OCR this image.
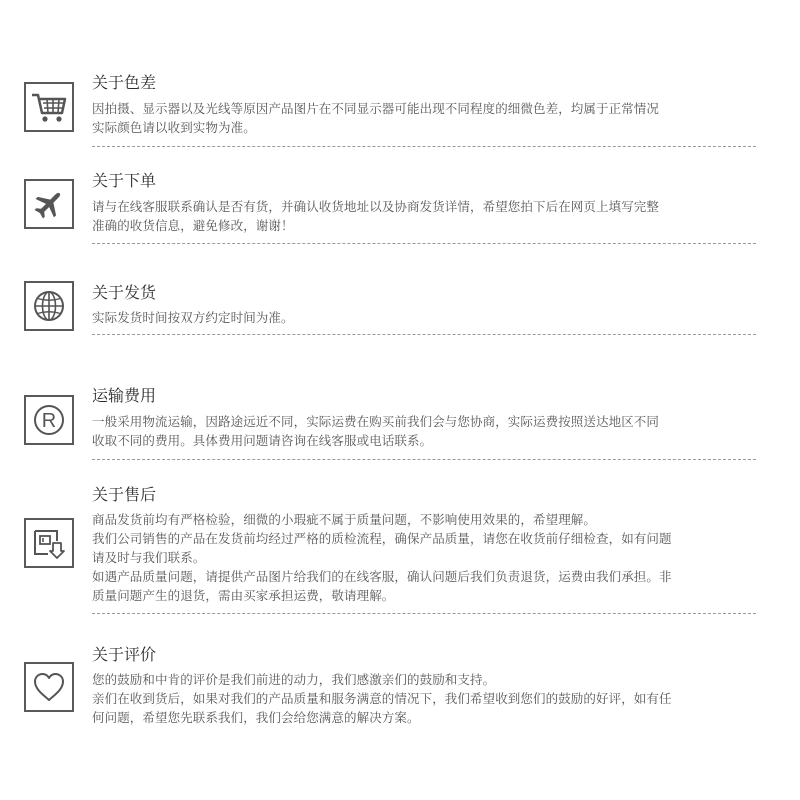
关于色差
因拍摄、显示器以及光线等原因产品图片在不同显示器可能出现不同程度的细微色差，均属于正常情况
实际颜色请以收到实物为准。
关于下单
请与在线客服联系确认是否有货，并确认收货地址以及协商发货详情，希望您拍下后在网页上填写完整
准确的收货信息，避免修改，谢谢！
关于发货
实际发货时间按双方约定时间为准。
R
运输费用
一般采用物流运输，因路途远近不同，实际运费在购买前我们会与您协商，实际运费按照送达地区不同
收取不同的费用。具体费用问题请咨询在线客服或电话联系。
关于售后
商品发货前均有严格检验，细微的小瑕疵不属于质量问题，不影响使用效果的，希望理解。
我们公司销售的产品在发货前均经过严格的质检流程，确保产品质量，请您在收货前仔细检查，如有问题
请及时与我们联系。
如遇产品质量问题，请提供产品图片给我们的在线客服，确认问题后我们负责退货，运费由我们承担。非
质量问题产生的退货，需由买家承担运费，敬请理解。
关于评价
您的鼓励和中肯的评价是我们前进的动力，我们感激亲们的鼓励和支持。
亲们在收到货后，如果对我们的产品质量和服务满意的情况下，我们希望收到您们的鼓励的好评，如有任
何问题，希望您先联系我们，我们会给您满意的解决方案。
